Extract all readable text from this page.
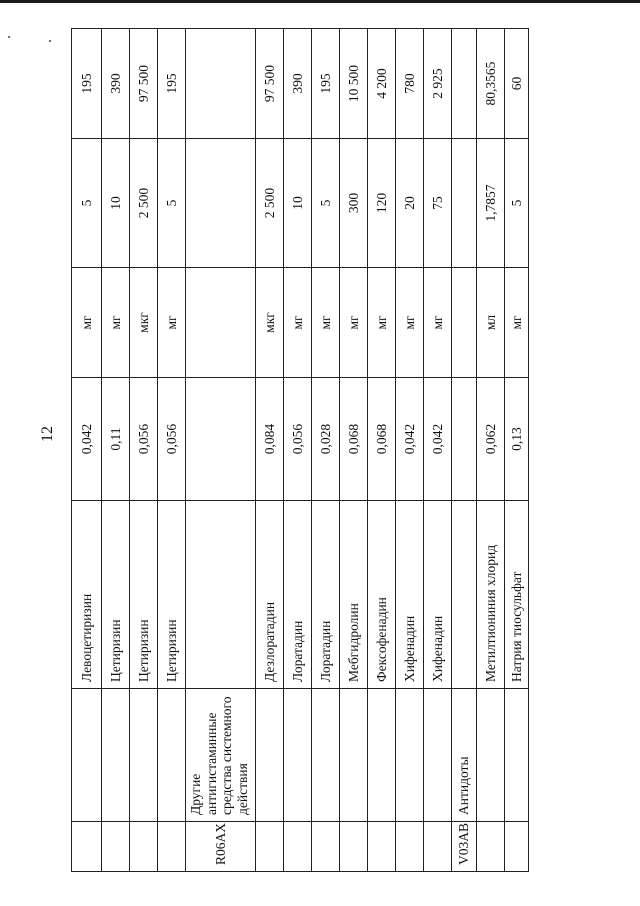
12
		Левоцетиризин	0,042	мг	5	195
		Цетиризин	0,11	мг	10	390
		Цетиризин	0,056	мкг	2 500	97 500
		Цетиризин	0,056	мг	5	195
R06AX	Другие антигистаминные средства системного действия					
		Дезлоратадин	0,084	мкг	2 500	97 500
		Лоратадин	0,056	мг	10	390
		Лоратадин	0,028	мг	5	195
		Мебгидролин	0,068	мг	300	10 500
		Фексофенадин	0,068	мг	120	4 200
		Хифенадин	0,042	мг	20	780
		Хифенадин	0,042	мг	75	2 925
V03AB	Антидоты					
		Метилтиониния хлорид	0,062	мл	1,7857	80,3565
		Натрия тиосульфат	0,13	мг	5	60
